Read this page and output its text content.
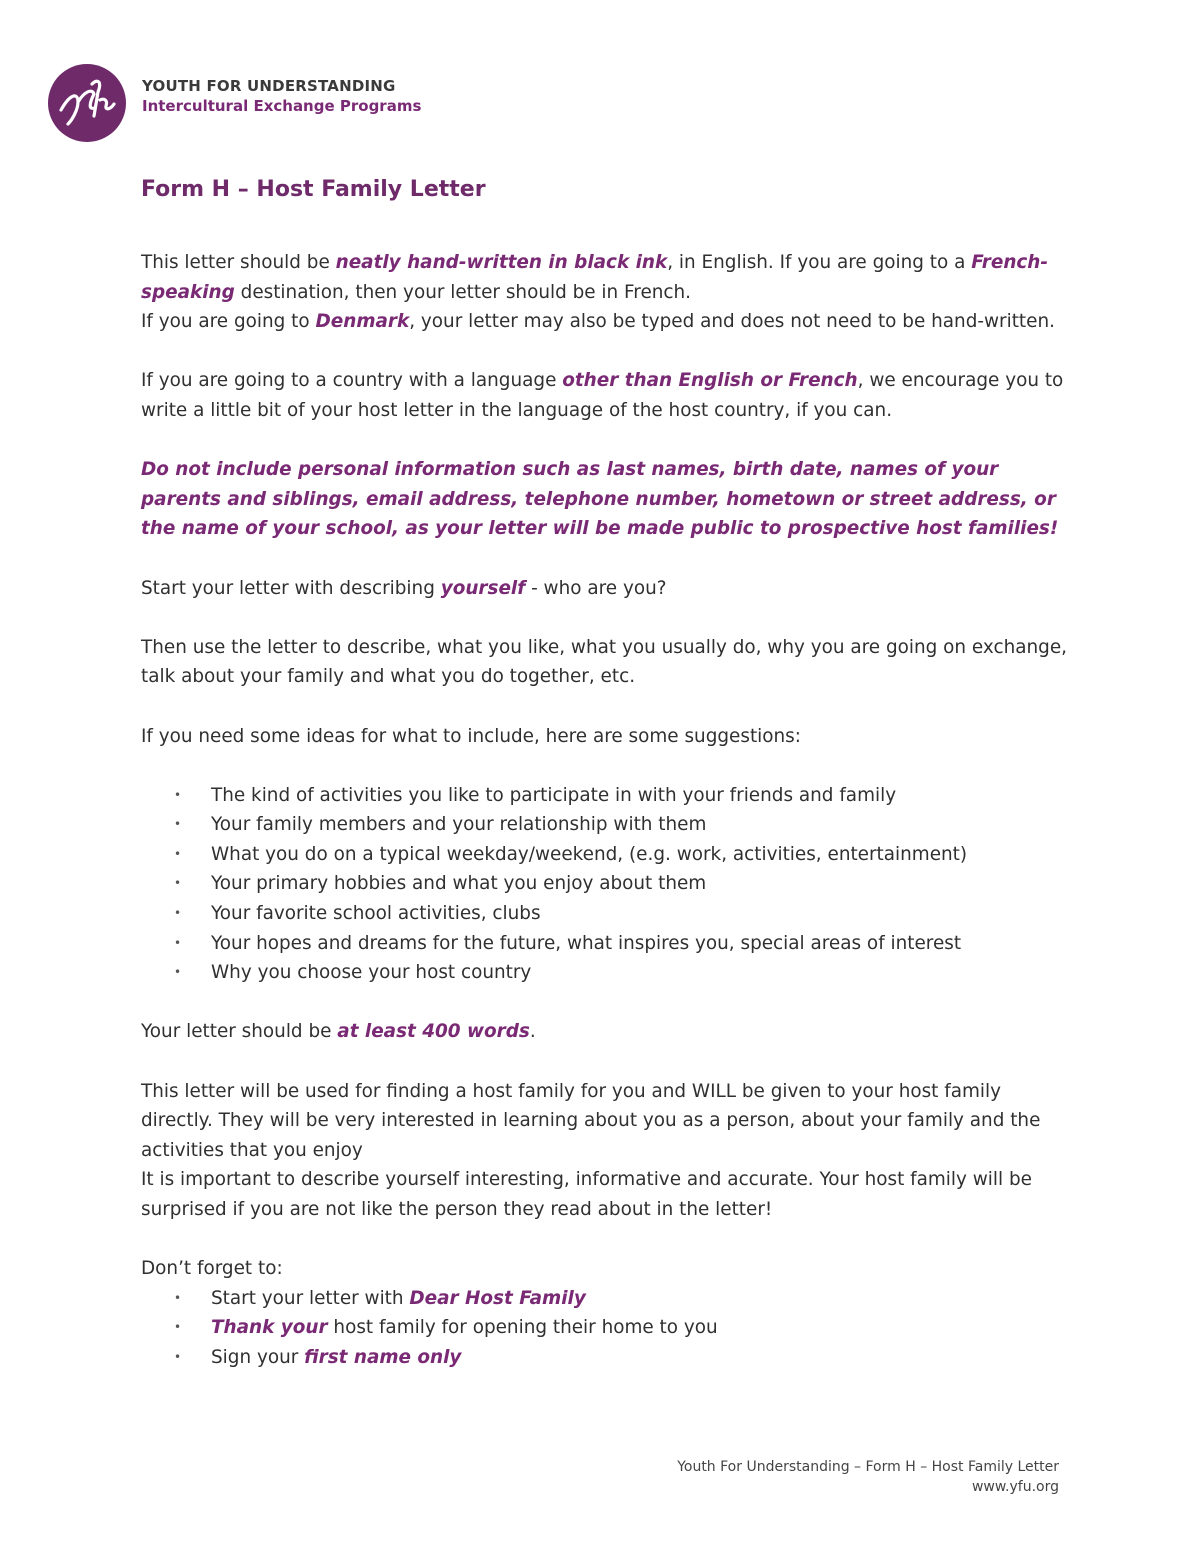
yfu
YOUTH FOR UNDERSTANDING
Intercultural Exchange Programs
Form H – Host Family Letter

This letter should be neatly hand-written in black ink, in English. If you are going to a French-speaking destination, then your letter should be in French.

If you are going to Denmark, your letter may also be typed and does not need to be hand-written.

If you are going to a country with a language other than English or French, we encourage you to write a little bit of your host letter in the language of the host country, if you can.

Do not include personal information such as last names, birth date, names of your parents and siblings, email address, telephone number, hometown or street address, or the name of your school, as your letter will be made public to prospective host families!

Start your letter with describing yourself - who are you?

Then use the letter to describe, what you like, what you usually do, why you are going on exchange, talk about your family and what you do together, etc.

If you need some ideas for what to include, here are some suggestions:

• The kind of activities you like to participate in with your friends and family
• Your family members and your relationship with them
• What you do on a typical weekday/weekend, (e.g. work, activities, entertainment)
• Your primary hobbies and what you enjoy about them
• Your favorite school activities, clubs
• Your hopes and dreams for the future, what inspires you, special areas of interest
• Why you choose your host country

Your letter should be at least 400 words.

This letter will be used for finding a host family for you and WILL be given to your host family directly. They will be very interested in learning about you as a person, about your family and the activities that you enjoy

It is important to describe yourself interesting, informative and accurate. Your host family will be surprised if you are not like the person they read about in the letter!

Don’t forget to:

• Start your letter with Dear Host Family
• Thank your host family for opening their home to you
• Sign your first name only
Youth For Understanding – Form H – Host Family Letter
www.yfu.org
